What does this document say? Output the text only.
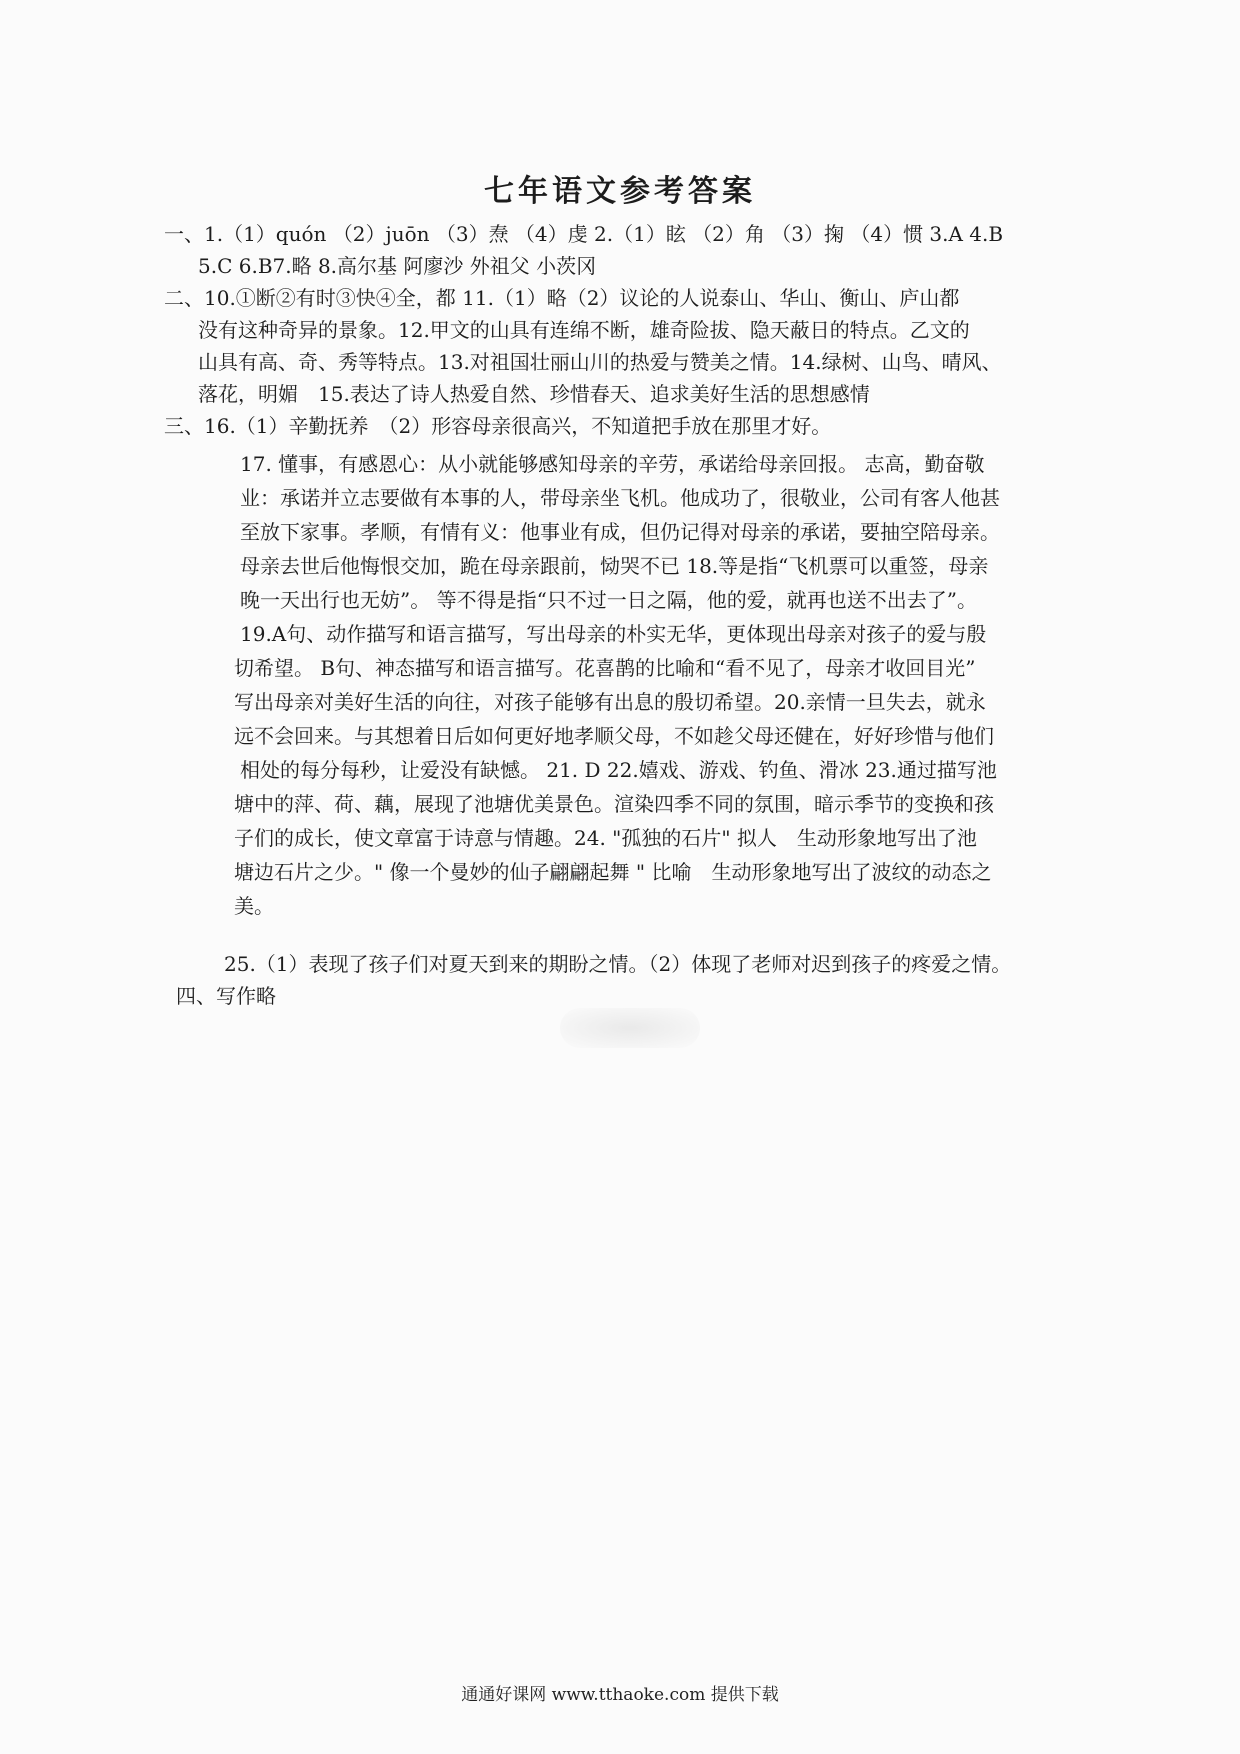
七年语文参考答案
一、1.（1）quón （2）juōn （3）焘 （4）虔 2.（1）眩 （2）角 （3）掬 （4）惯 3.A 4.B
5.C 6.B7.略 8.高尔基 阿廖沙 外祖父 小茨冈
二、10.①断②有时③快④全，都 11.（1）略（2）议论的人说泰山、华山、衡山、庐山都
没有这种奇异的景象。12.甲文的山具有连绵不断，雄奇险拔、隐天蔽日的特点。乙文的
山具有高、奇、秀等特点。13.对祖国壮丽山川的热爱与赞美之情。14.绿树、山鸟、晴风、
落花，明媚　15.表达了诗人热爱自然、珍惜春天、追求美好生活的思想感情
三、16.（1）辛勤抚养　（2）形容母亲很高兴，不知道把手放在那里才好。
17. 懂事，有感恩心：从小就能够感知母亲的辛劳，承诺给母亲回报。 志高，勤奋敬
业：承诺并立志要做有本事的人，带母亲坐飞机。他成功了，很敬业，公司有客人他甚
至放下家事。孝顺，有情有义：他事业有成，但仍记得对母亲的承诺，要抽空陪母亲。
母亲去世后他悔恨交加，跪在母亲跟前，恸哭不已 18.等是指“飞机票可以重签，母亲
晚一天出行也无妨”。 等不得是指“只不过一日之隔，他的爱，就再也送不出去了”。
19.A句、动作描写和语言描写，写出母亲的朴实无华，更体现出母亲对孩子的爱与殷
切希望。 B句、神态描写和语言描写。花喜鹊的比喻和“看不见了，母亲才收回目光”
写出母亲对美好生活的向往，对孩子能够有出息的殷切希望。20.亲情一旦失去，就永
远不会回来。与其想着日后如何更好地孝顺父母，不如趁父母还健在，好好珍惜与他们
相处的每分每秒，让爱没有缺憾。 21. D 22.嬉戏、游戏、钓鱼、滑冰 23.通过描写池
塘中的萍、荷、藕，展现了池塘优美景色。渲染四季不同的氛围，暗示季节的变换和孩
子们的成长，使文章富于诗意与情趣。24. "孤独的石片" 拟人　生动形象地写出了池
塘边石片之少。" 像一个曼妙的仙子翩翩起舞 " 比喻　生动形象地写出了波纹的动态之
美。
25.（1）表现了孩子们对夏天到来的期盼之情。（2）体现了老师对迟到孩子的疼爱之情。
四、写作略
通通好课网 www.tthaoke.com 提供下载
